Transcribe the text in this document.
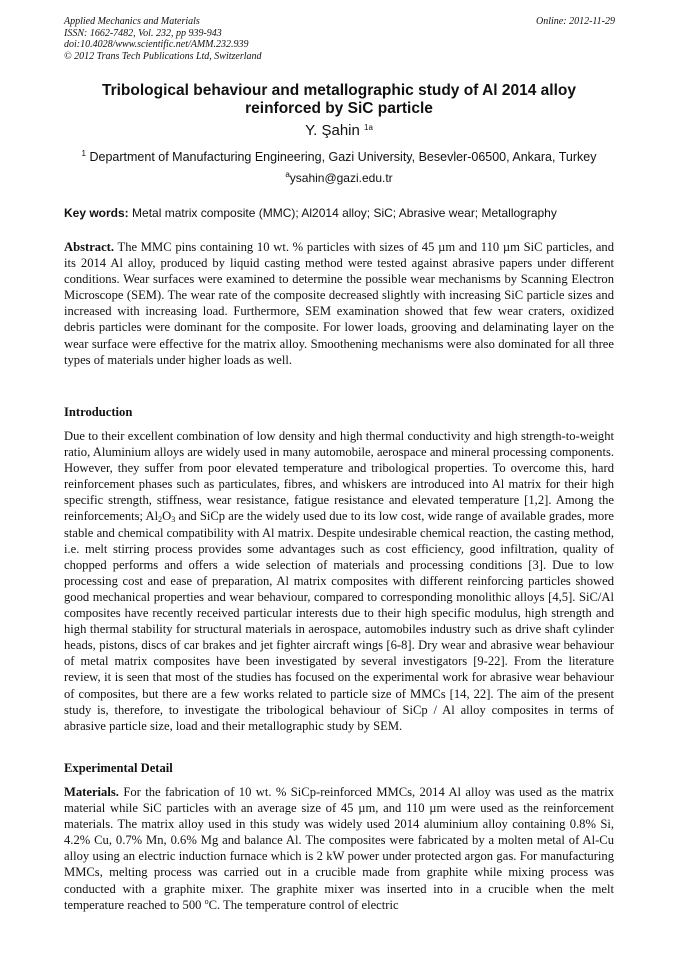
Applied Mechanics and Materials
ISSN: 1662-7482, Vol. 232, pp 939-943
doi:10.4028/www.scientific.net/AMM.232.939
© 2012 Trans Tech Publications Ltd, Switzerland
Online: 2012-11-29
Tribological behaviour and metallographic study of Al 2014 alloy
reinforced by SiC particle
Y. Şahin $^{1a}$
$^1$ Department of Manufacturing Engineering, Gazi University, Besevler-06500, Ankara, Turkey
$^a$ysahin@gazi.edu.tr
Key words: Metal matrix composite (MMC); Al2014 alloy; SiC; Abrasive wear; Metallography
Abstract. The MMC pins containing 10 wt. % particles with sizes of 45 µm and 110 µm SiC particles, and its 2014 Al alloy, produced by liquid casting method were tested against abrasive papers under different conditions. Wear surfaces were examined to determine the possible wear mechanisms by Scanning Electron Microscope (SEM). The wear rate of the composite decreased slightly with increasing SiC particle sizes and increased with increasing load. Furthermore, SEM examination showed that few wear craters, oxidized debris particles were dominant for the composite. For lower loads, grooving and delaminating layer on the wear surface were effective for the matrix alloy. Smoothening mechanisms were also dominated for all three types of materials under higher loads as well.
Introduction
Due to their excellent combination of low density and high thermal conductivity and high strength-to-weight ratio, Aluminium alloys are widely used in many automobile, aerospace and mineral processing components. However, they suffer from poor elevated temperature and tribological properties. To overcome this, hard reinforcement phases such as particulates, fibres, and whiskers are introduced into Al matrix for their high specific strength, stiffness, wear resistance, fatigue resistance and elevated temperature [1,2]. Among the reinforcements; $Al_2O_3$ and SiCp are the widely used due to its low cost, wide range of available grades, more stable and chemical compatibility with Al matrix. Despite undesirable chemical reaction, the casting method, i.e. melt stirring process provides some advantages such as cost efficiency, good infiltration, quality of chopped performs and offers a wide selection of materials and processing conditions [3]. Due to low processing cost and ease of preparation, Al matrix composites with different reinforcing particles showed good mechanical properties and wear behaviour, compared to corresponding monolithic alloys [4,5]. SiC/Al composites have recently received particular interests due to their high specific modulus, high strength and high thermal stability for structural materials in aerospace, automobiles industry such as drive shaft cylinder heads, pistons, discs of car brakes and jet fighter aircraft wings [6-8]. Dry wear and abrasive wear behaviour of metal matrix composites have been investigated by several investigators [9-22]. From the literature review, it is seen that most of the studies has focused on the experimental work for abrasive wear behaviour of composites, but there are a few works related to particle size of MMCs [14, 22]. The aim of the present study is, therefore, to investigate the tribological behaviour of SiCp / Al alloy composites in terms of abrasive particle size, load and their metallographic study by SEM.
Experimental Detail
Materials. For the fabrication of 10 wt. % SiCp-reinforced MMCs, 2014 Al alloy was used as the matrix material while SiC particles with an average size of 45 µm, and 110 µm were used as the reinforcement materials. The matrix alloy used in this study was widely used 2014 aluminium alloy containing 0.8% Si, 4.2% Cu, 0.7% Mn, 0.6% Mg and balance Al. The composites were fabricated by a molten metal of Al-Cu alloy using an electric induction furnace which is 2 kW power under protected argon gas. For manufacturing MMCs, melting process was carried out in a crucible made from graphite while mixing process was conducted with a graphite mixer. The graphite mixer was inserted into in a crucible when the melt temperature reached to 500 $^o$C. The temperature control of electric
